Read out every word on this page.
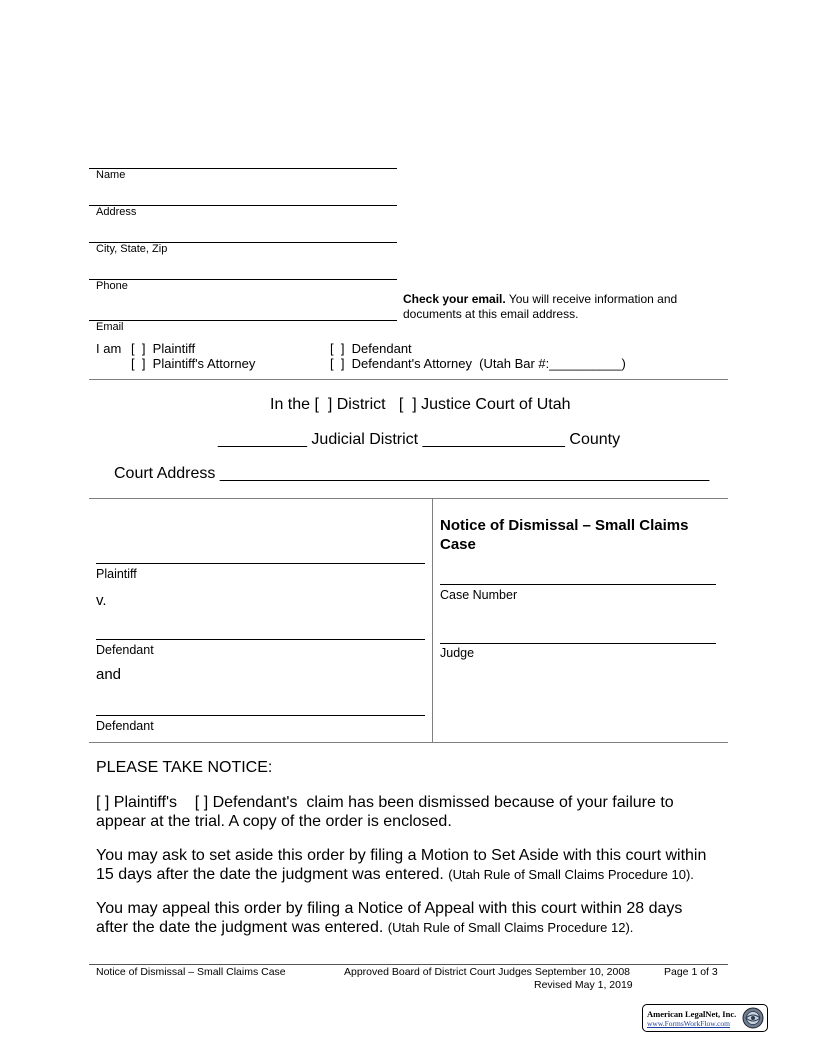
Name
Address
City, State, Zip
Phone
Email
Check your email. You will receive information and
documents at this email address.
I am [  ]  Plaintiff
[  ]  Plaintiff's Attorney
[  ]  Defendant
[  ]  Defendant's Attorney  (Utah Bar #:__________)
In the [  ] District   [  ] Justice Court of Utah
__________ Judicial District ________________ County
Court Address _______________________________________________________
Plaintiff
v.
Defendant
and
Defendant
Notice of Dismissal – Small Claims Case
Case Number
Judge
PLEASE TAKE NOTICE:
[ ] Plaintiff's    [ ] Defendant's  claim has been dismissed because of your failure to
appear at the trial. A copy of the order is enclosed.
You may ask to set aside this order by filing a Motion to Set Aside with this court within
15 days after the date the judgment was entered. (Utah Rule of Small Claims Procedure 10).
You may appeal this order by filing a Notice of Appeal with this court within 28 days
after the date the judgment was entered. (Utah Rule of Small Claims Procedure 12).
Notice of Dismissal – Small Claims Case	Approved Board of District Court Judges September 10, 2008
Revised May 1, 2019
Page 1 of 3
American LegalNet, Inc.
www.FormsWorkFlow.com
